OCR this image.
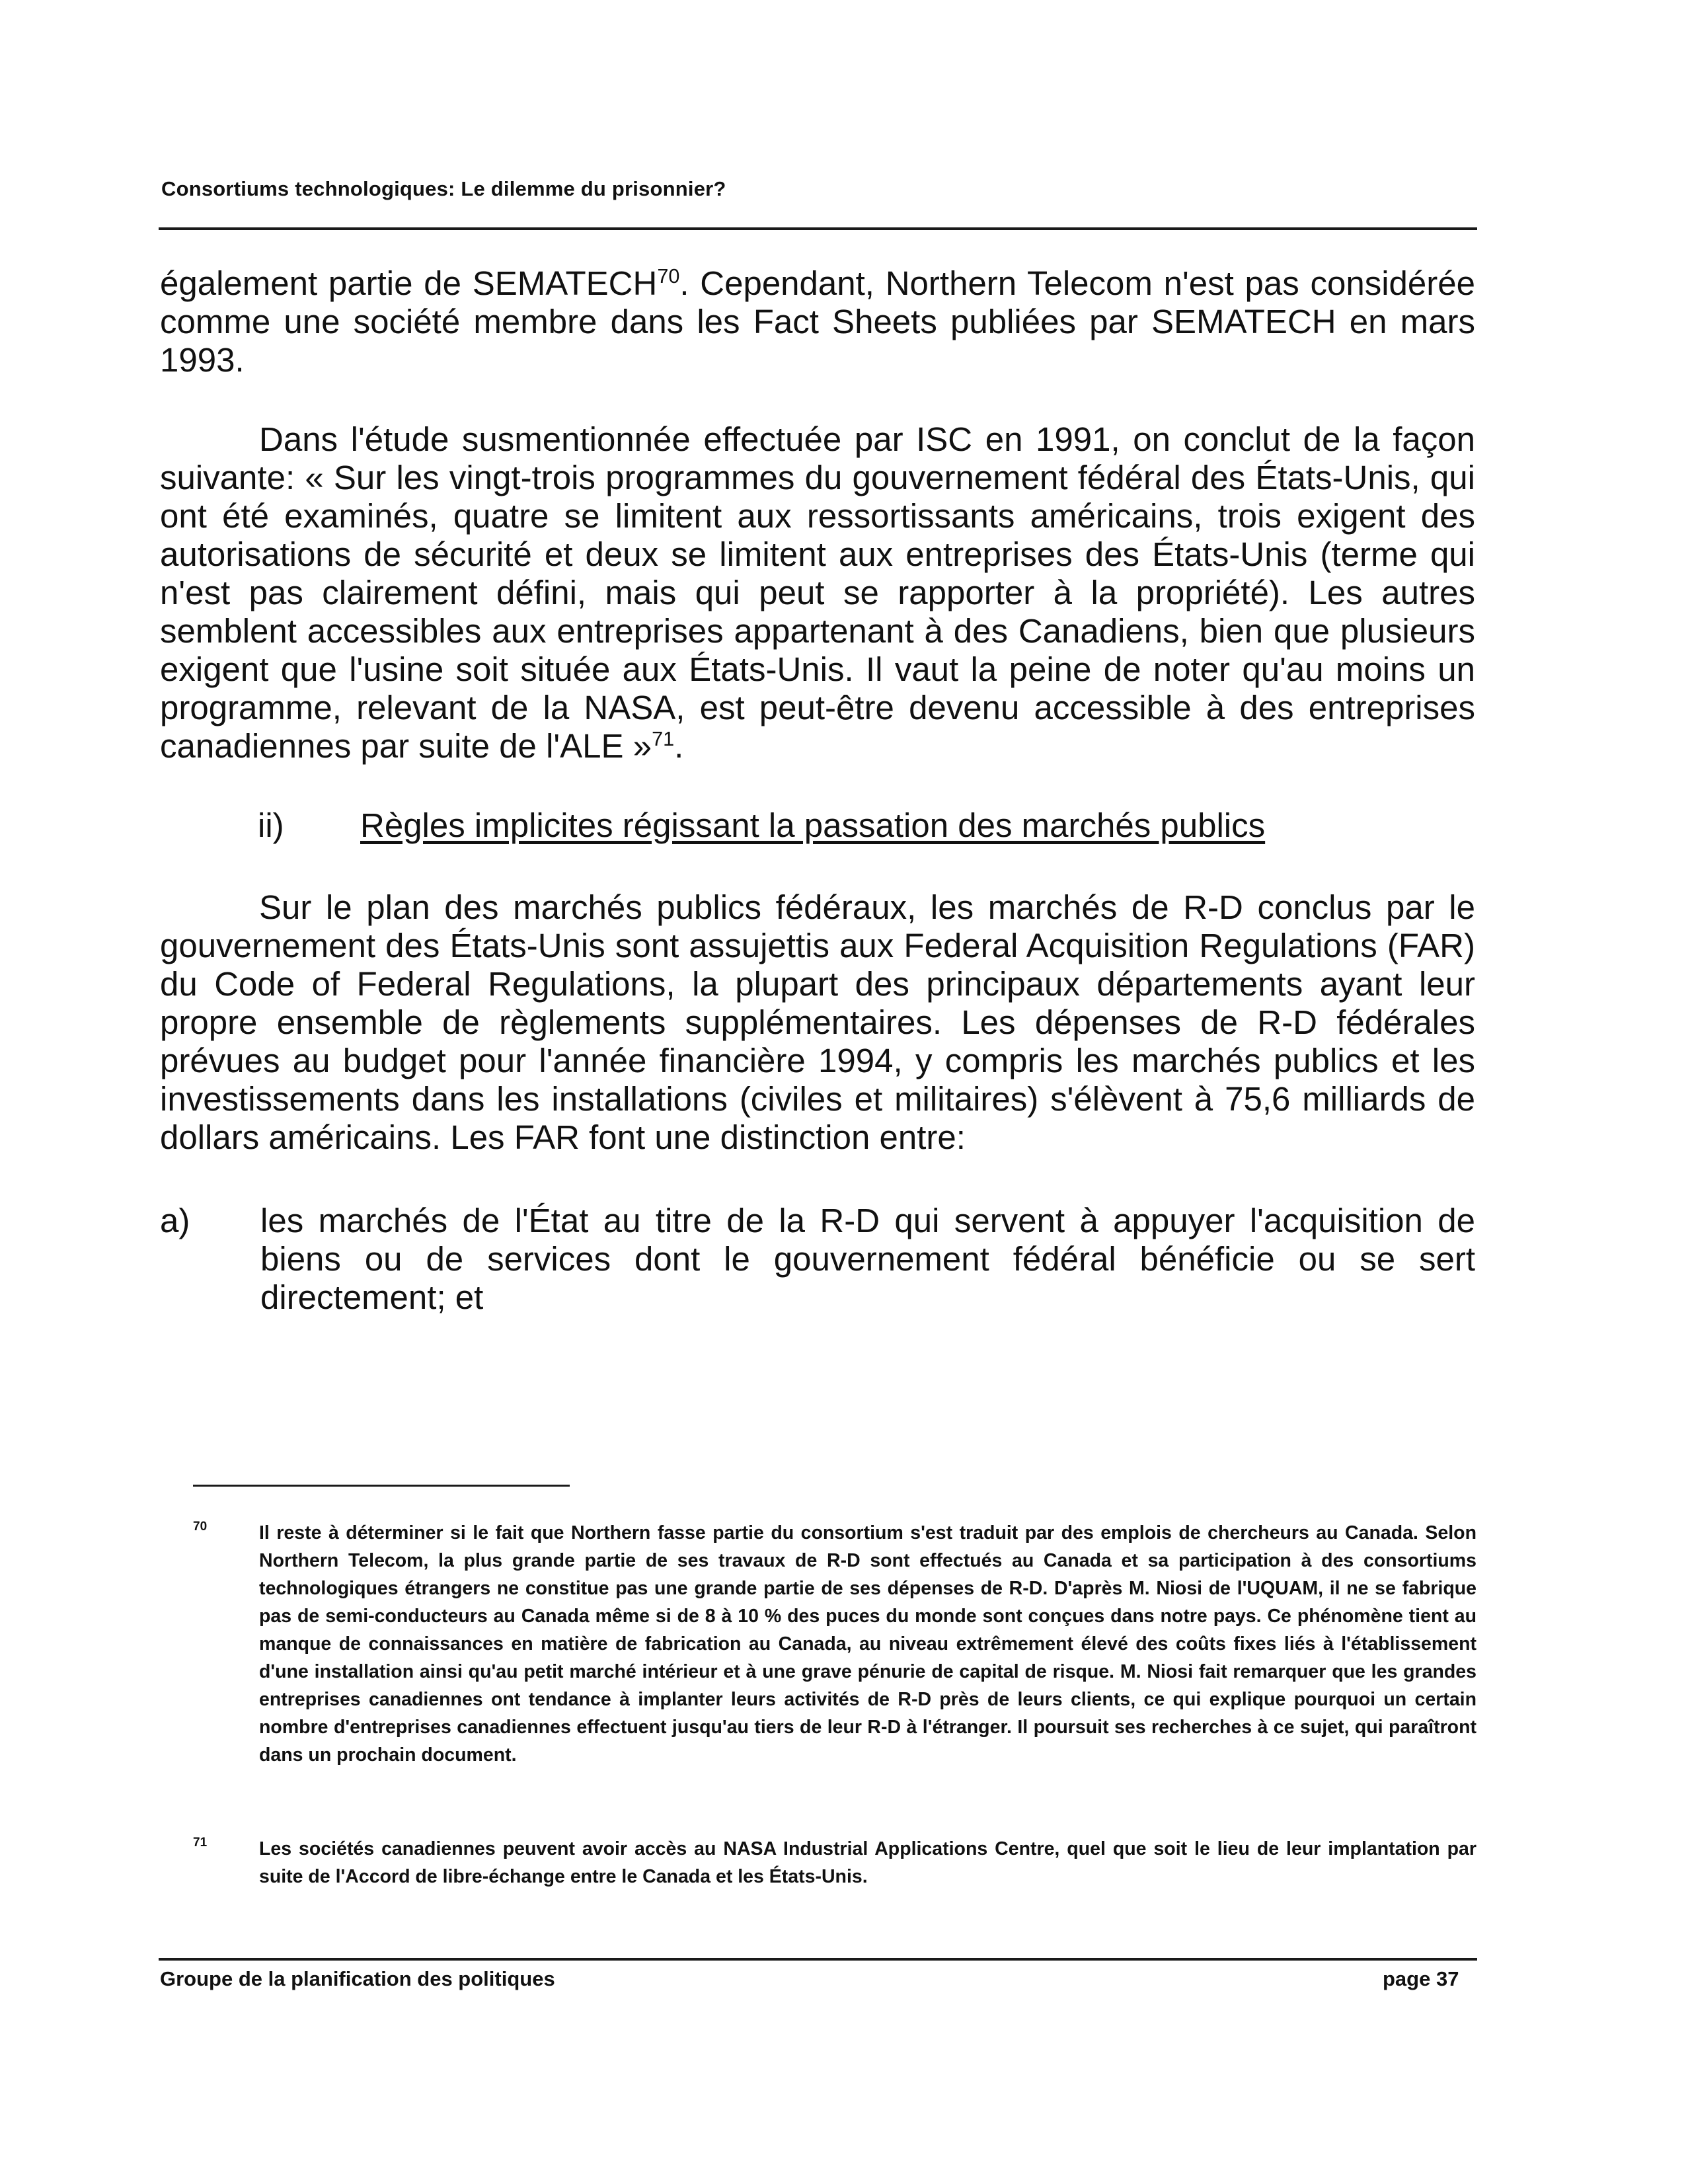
Consortiums technologiques: Le dilemme du prisonnier?
également partie de SEMATECH$^{70}$. Cependant, Northern Telecom n'est pas considérée comme une société membre dans les Fact Sheets publiées par SEMATECH en mars 1993.
Dans l'étude susmentionnée effectuée par ISC en 1991, on conclut de la façon suivante: « Sur les vingt-trois programmes du gouvernement fédéral des États-Unis, qui ont été examinés, quatre se limitent aux ressortissants américains, trois exigent des autorisations de sécurité et deux se limitent aux entreprises des États-Unis (terme qui n'est pas clairement défini, mais qui peut se rapporter à la propriété). Les autres semblent accessibles aux entreprises appartenant à des Canadiens, bien que plusieurs exigent que l'usine soit située aux États-Unis. Il vaut la peine de noter qu'au moins un programme, relevant de la NASA, est peut-être devenu accessible à des entreprises canadiennes par suite de l'ALE »$^{71}$.
ii) Règles implicites régissant la passation des marchés publics
Sur le plan des marchés publics fédéraux, les marchés de R-D conclus par le gouvernement des États-Unis sont assujettis aux Federal Acquisition Regulations (FAR) du Code of Federal Regulations, la plupart des principaux départements ayant leur propre ensemble de règlements supplémentaires. Les dépenses de R-D fédérales prévues au budget pour l'année financière 1994, y compris les marchés publics et les investissements dans les installations (civiles et militaires) s'élèvent à 75,6 milliards de dollars américains. Les FAR font une distinction entre:
a) les marchés de l'État au titre de la R-D qui servent à appuyer l'acquisition de biens ou de services dont le gouvernement fédéral bénéficie ou se sert directement; et
70	Il reste à déterminer si le fait que Northern fasse partie du consortium s'est traduit par des emplois de chercheurs au Canada. Selon Northern Telecom, la plus grande partie de ses travaux de R-D sont effectués au Canada et sa participation à des consortiums technologiques étrangers ne constitue pas une grande partie de ses dépenses de R-D. D'après M. Niosi de l'UQUAM, il ne se fabrique pas de semi-conducteurs au Canada même si de 8 à 10 % des puces du monde sont conçues dans notre pays. Ce phénomène tient au manque de connaissances en matière de fabrication au Canada, au niveau extrêmement élevé des coûts fixes liés à l'établissement d'une installation ainsi qu'au petit marché intérieur et à une grave pénurie de capital de risque. M. Niosi fait remarquer que les grandes entreprises canadiennes ont tendance à implanter leurs activités de R-D près de leurs clients, ce qui explique pourquoi un certain nombre d'entreprises canadiennes effectuent jusqu'au tiers de leur R-D à l'étranger. Il poursuit ses recherches à ce sujet, qui paraîtront dans un prochain document.
71	Les sociétés canadiennes peuvent avoir accès au NASA Industrial Applications Centre, quel que soit le lieu de leur implantation par suite de l'Accord de libre-échange entre le Canada et les États-Unis.
Groupe de la planification des politiques	page 37
